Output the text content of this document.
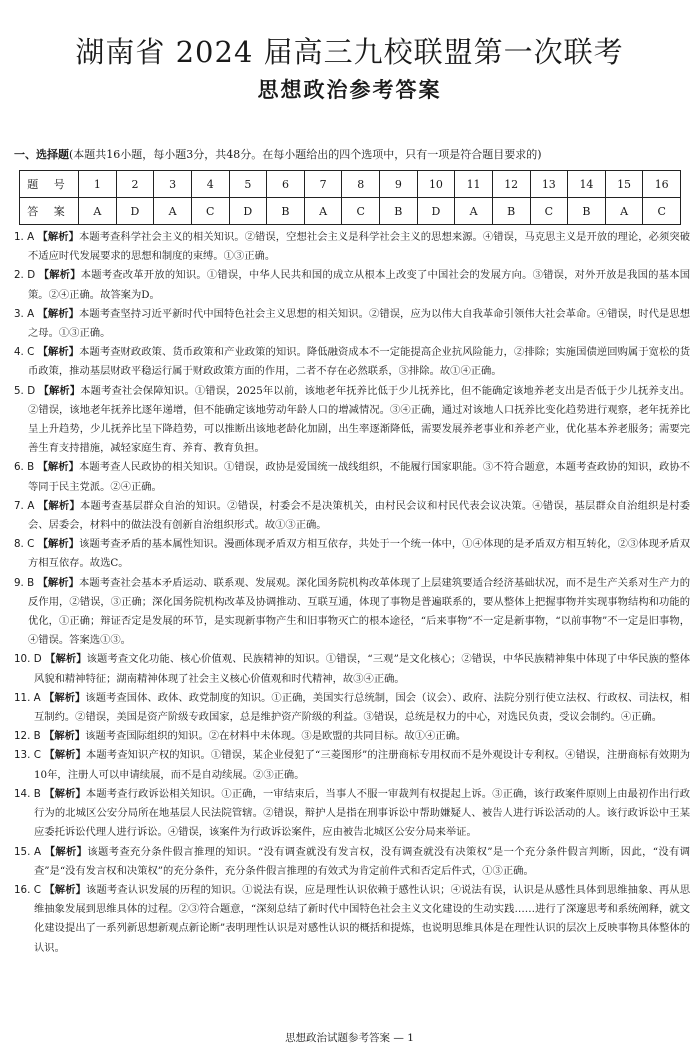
湖南省 2024 届高三九校联盟第一次联考
思想政治参考答案
一、选择题(本题共16小题，每小题3分，共48分。在每小题给出的四个选项中，只有一项是符合题目要求的)
题 号	1	2	3	4	5	6	7	8	9	10	11	12	13	14	15	16
答 案	A	D	A	C	D	B	A	C	B	D	A	B	C	B	A	C
1. A 【解析】本题考查科学社会主义的相关知识。②错误，空想社会主义是科学社会主义的思想来源。④错误，马克思主义是开放的理论，必须突破不适应时代发展要求的思想和制度的束缚。①③正确。
2. D 【解析】本题考查改革开放的知识。①错误，中华人民共和国的成立从根本上改变了中国社会的发展方向。③错误，对外开放是我国的基本国策。②④正确。故答案为D。
3. A 【解析】本题考查坚持习近平新时代中国特色社会主义思想的相关知识。②错误，应为以伟大自我革命引领伟大社会革命。④错误，时代是思想之母。①③正确。
4. C 【解析】本题考查财政政策、货币政策和产业政策的知识。降低融资成本不一定能提高企业抗风险能力，②排除；实施国债逆回购属于宽松的货币政策，推动基层财政平稳运行属于财政政策方面的作用，二者不存在必然联系，③排除。故①④正确。
5. D 【解析】本题考查社会保障知识。①错误，2025年以前，该地老年抚养比低于少儿抚养比，但不能确定该地养老支出是否低于少儿抚养支出。②错误，该地老年抚养比逐年递增，但不能确定该地劳动年龄人口的增减情况。③④正确，通过对该地人口抚养比变化趋势进行观察，老年抚养比呈上升趋势，少儿抚养比呈下降趋势，可以推断出该地老龄化加剧，出生率逐渐降低，需要发展养老事业和养老产业，优化基本养老服务；需要完善生育支持措施，减轻家庭生育、养育、教育负担。
6. B 【解析】本题考查人民政协的相关知识。①错误，政协是爱国统一战线组织，不能履行国家职能。③不符合题意，本题考查政协的知识，政协不等同于民主党派。②④正确。
7. A 【解析】本题考查基层群众自治的知识。②错误，村委会不是决策机关，由村民会议和村民代表会议决策。④错误，基层群众自治组织是村委会、居委会，材料中的做法没有创新自治组织形式。故①③正确。
8. C 【解析】该题考查矛盾的基本属性知识。漫画体现矛盾双方相互依存，共处于一个统一体中，①④体现的是矛盾双方相互转化，②③体现矛盾双方相互依存。故选C。
9. B 【解析】本题考查社会基本矛盾运动、联系观、发展观。深化国务院机构改革体现了上层建筑要适合经济基础状况，而不是生产关系对生产力的反作用，②错误，③正确；深化国务院机构改革及协调推动、互联互通，体现了事物是普遍联系的，要从整体上把握事物并实现事物结构和功能的优化，①正确；辩证否定是发展的环节，是实现新事物产生和旧事物灭亡的根本途径，“后来事物”不一定是新事物，“以前事物”不一定是旧事物，④错误。答案选①③。
10. D 【解析】该题考查文化功能、核心价值观、民族精神的知识。①错误，“三观”是文化核心；②错误，中华民族精神集中体现了中华民族的整体风貌和精神特征；湖南精神体现了社会主义核心价值观和时代精神，故③④正确。
11. A 【解析】该题考查国体、政体、政党制度的知识。①正确，美国实行总统制，国会（议会）、政府、法院分别行使立法权、行政权、司法权，相互制约。②错误，美国是资产阶级专政国家，总是维护资产阶级的利益。③错误，总统是权力的中心，对选民负责，受议会制约。④正确。
12. B 【解析】该题考查国际组织的知识。②在材料中未体现。③是欧盟的共同目标。故①④正确。
13. C 【解析】本题考查知识产权的知识。①错误，某企业侵犯了“三菱图形”的注册商标专用权而不是外观设计专利权。④错误，注册商标有效期为10年，注册人可以申请续展，而不是自动续展。②③正确。
14. B 【解析】本题考查行政诉讼相关知识。①正确，一审结束后，当事人不服一审裁判有权提起上诉。③正确，该行政案件原则上由最初作出行政行为的北城区公安分局所在地基层人民法院管辖。②错误，辩护人是指在刑事诉讼中帮助嫌疑人、被告人进行诉讼活动的人。该行政诉讼中王某应委托诉讼代理人进行诉讼。④错误，该案件为行政诉讼案件，应由被告北城区公安分局来举证。
15. A 【解析】该题考查充分条件假言推理的知识。“没有调查就没有发言权，没有调查就没有决策权”是一个充分条件假言判断，因此，“没有调查”是“没有发言权和决策权”的充分条件，充分条件假言推理的有效式为肯定前件式和否定后件式，①③正确。
16. C 【解析】该题考查认识发展的历程的知识。①说法有误，应是理性认识依赖于感性认识；④说法有误，认识是从感性具体到思维抽象、再从思维抽象发展到思维具体的过程。②③符合题意，“深刻总结了新时代中国特色社会主义文化建设的生动实践……进行了深邃思考和系统阐释，就文化建设提出了一系列新思想新观点新论断”表明理性认识是对感性认识的概括和提炼，也说明思维具体是在理性认识的层次上反映事物具体整体的认识。
思想政治试题参考答案 — 1
